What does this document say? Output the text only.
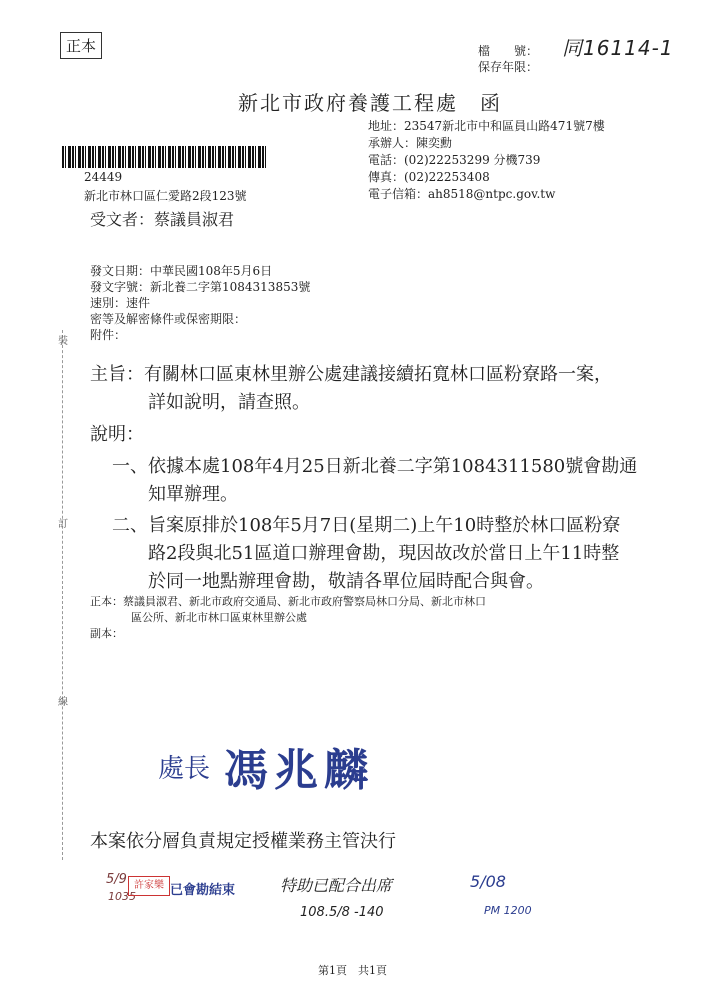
正本	檔　　號：
保存年限：
同16114-1
新北市政府養護工程處　函
地址：23547新北市中和區員山路471號7樓
承辦人：陳奕勳
電話：(02)22253299 分機739
傳真：(02)22253408
電子信箱：ah8518@ntpc.gov.tw
24449
新北市林口區仁愛路2段123號
受文者：蔡議員淑君
發文日期：中華民國108年5月6日
發文字號：新北養二字第1084313853號
速別：速件
密等及解密條件或保密期限：
附件：
裝
訂
線
主旨：有關林口區東林里辦公處建議接續拓寬林口區粉寮路一案，
詳如說明，請查照。
說明：
一、依據本處108年4月25日新北養二字第1084311580號會勘通
知單辦理。
二、旨案原排於108年5月7日(星期二)上午10時整於林口區粉寮
路2段與北51區道口辦理會勘，現因故改於當日上午11時整
於同一地點辦理會勘，敬請各單位屆時配合與會。
正本：蔡議員淑君、新北市政府交通局、新北市政府警察局林口分局、新北市林口
區公所、新北市林口區東林里辦公處
副本：
處長 馮兆麟
本案依分層負責規定授權業務主管決行
5/9
1035
許家樂 已會勘結束	特助已配合出席
108.5/8 -140
5/08
PM 1200
第1頁　共1頁
